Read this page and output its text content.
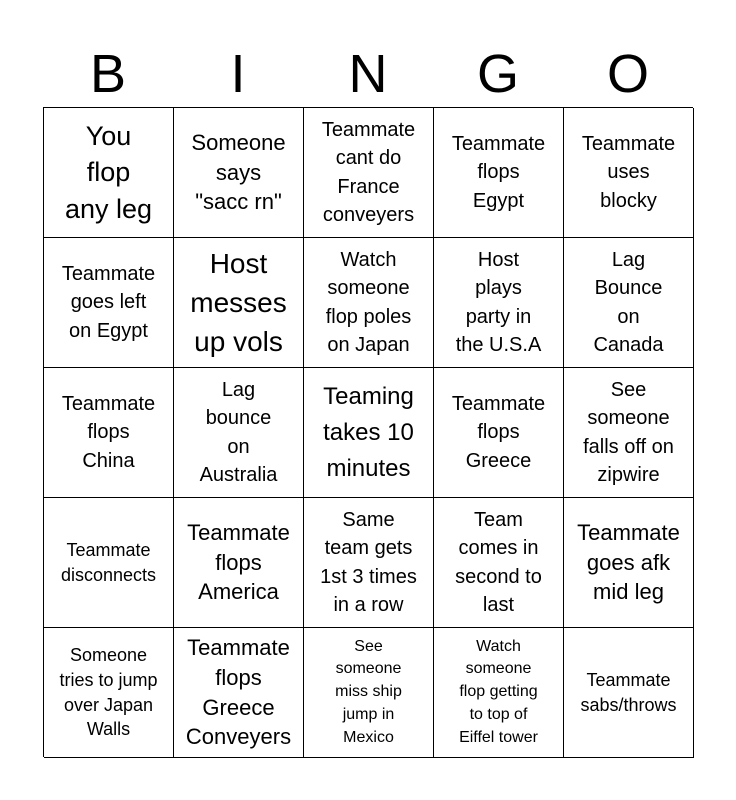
B	I	N	G	O
You
flop
any leg
Someone
says
"sacc rn"
Teammate
cant do
France
conveyers
Teammate
flops
Egypt
Teammate
uses
blocky
Teammate
goes left
on Egypt
Host
messes
up vols
Watch
someone
flop poles
on Japan
Host
plays
party in
the U.S.A
Lag
Bounce
on
Canada
Teammate
flops
China
Lag
bounce
on
Australia
Teaming
takes 10
minutes
Teammate
flops
Greece
See
someone
falls off on
zipwire
Teammate
disconnects
Teammate
flops
America
Same
team gets
1st 3 times
in a row
Team
comes in
second to
last
Teammate
goes afk
mid leg
Someone
tries to jump
over Japan
Walls
Teammate
flops
Greece
Conveyers
See
someone
miss ship
jump in
Mexico
Watch
someone
flop getting
to top of
Eiffel tower
Teammate
sabs/throws
